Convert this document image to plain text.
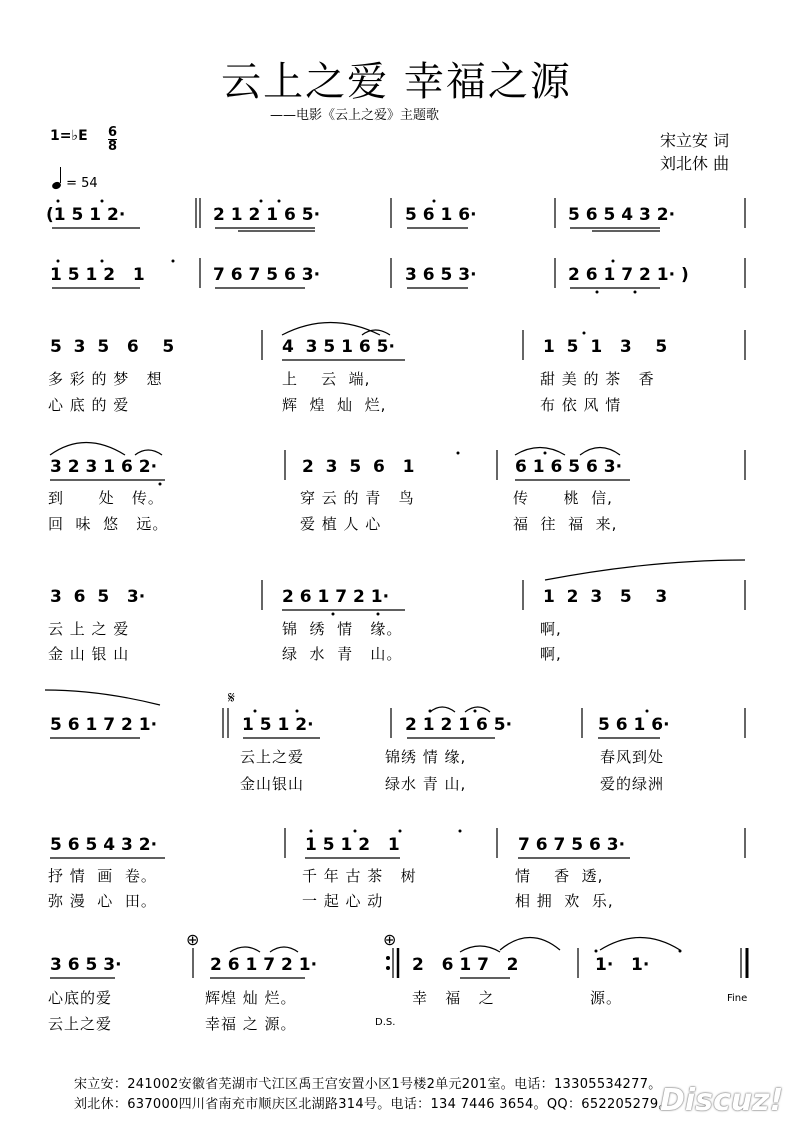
云上之爱 幸福之源
——电影《云上之爱》主题歌
宋立安 词
刘北休 曲
1=♭E 6
8
= 54
(1 5 1 2·	2 1 2 1 6 5·	5 6 1 6·	5 6 5 4 3 2·
1 5 1 2   1	7 6 7 5 6 3·	3 6 5 3·	2 6 1 7 2 1· )
5  3  5   6    5	4  3 5 1 6 5·	1  5  1   3    5
多 彩 的 梦   想	上    云  端,	甜 美 的 茶   香
心 底 的 爱	辉  煌  灿  烂,	布 依 风 情
3 2 3 1 6 2·	2  3  5  6   1	6 1 6 5 6 3·
到      处   传。	穿 云 的 青   鸟	传      桃  信,
回  味  悠   远。	爱 植 人 心	福  往  福  来,
3  6  5   3·	2 6 1 7 2 1·	1  2  3   5    3
云 上 之 爱	锦  绣  情   缘。	啊,
金 山 银 山	绿  水  青   山。	啊,
𝄋
5 6 1 7 2 1·	1 5 1 2·	2 1 2 1 6 5·	5 6 1 6·
云上之爱	锦绣 情 缘,	春风到处
金山银山	绿水 青 山,	爱的绿洲
5 6 5 4 3 2·	1 5 1 2   1	7 6 7 5 6 3·
抒 情  画  卷。	千 年 古 茶   树	情    香  透,
弥 漫  心  田。	一 起 心 动	相 拥  欢  乐,
⊕	⊕
3 6 5 3·	2 6 1 7 2 1·	2   6 1 7   2	1·   1·
心底的爱	辉煌 灿 烂。	幸   福   之	源。
云上之爱	幸福 之 源。	D.S.
Fine
宋立安：241002安徽省芜湖市弋江区禹王宫安置小区1号楼2单元201室。电话：13305534277。
刘北休：637000四川省南充市顺庆区北湖路314号。电话：134 7446 3654。QQ：652205279。
Discuz!
